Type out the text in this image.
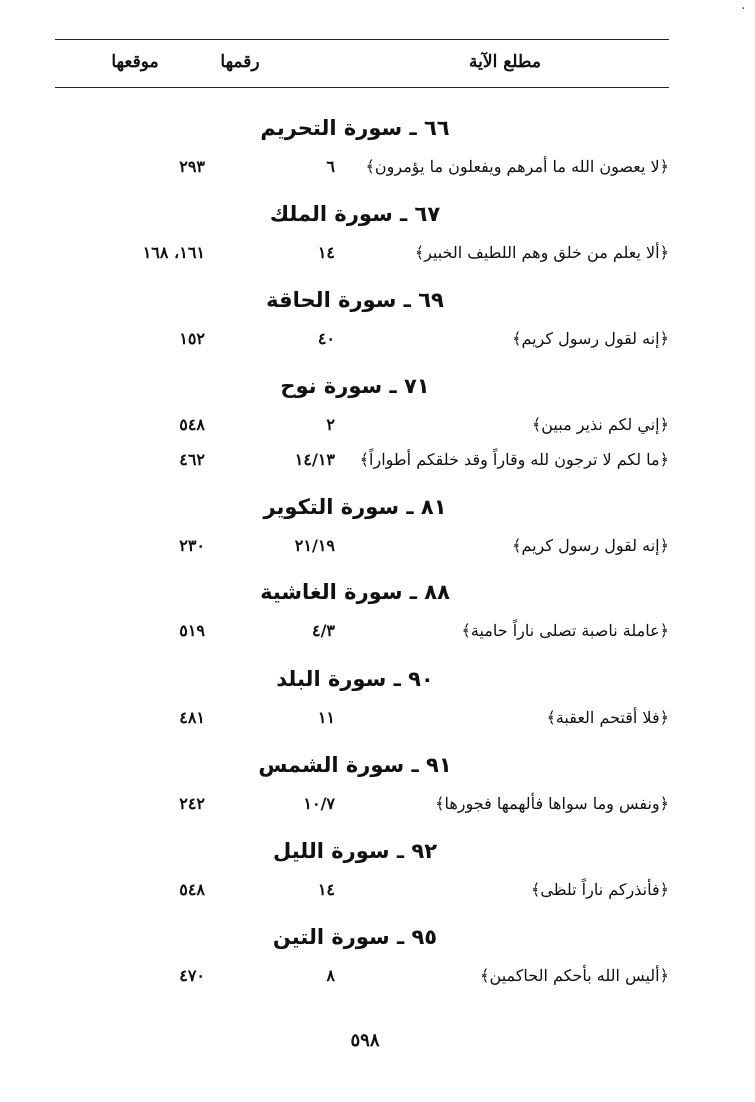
٠
مطلع الآية
رقمها
موقعها
٦٦ ـ سورة التحريم
﴿لا يعصون الله ما أمرهم ويفعلون ما يؤمرون﴾
٦
٢٩٣
٦٧ ـ سورة الملك
﴿ألا يعلم من خلق وهم اللطيف الخبير﴾
١٤
١٦١، ١٦٨
٦٩ ـ سورة الحاقة
﴿إنه لقول رسول كريم﴾
٤٠
١٥٢
٧١ ـ سورة نوح
﴿إني لكم نذير مبين﴾
٢
٥٤٨
﴿ما لكم لا ترجون لله وقاراً وقد خلقكم أطواراً﴾
١٤/١٣
٤٦٢
٨١ ـ سورة التكوير
﴿إنه لقول رسول كريم﴾
٢١/١٩
٢٣٠
٨٨ ـ سورة الغاشية
﴿عاملة ناصبة تصلى ناراً حامية﴾
٤/٣
٥١٩
٩٠ ـ سورة البلد
﴿فلا أقتحم العقبة﴾
١١
٤٨١
٩١ ـ سورة الشمس
﴿ونفس وما سواها فألهمها فجورها﴾
١٠/٧
٢٤٢
٩٢ ـ سورة الليل
﴿فأنذركم ناراً تلظى﴾
١٤
٥٤٨
٩٥ ـ سورة التين
﴿أليس الله بأحكم الحاكمين﴾
٨
٤٧٠
٥٩٨
